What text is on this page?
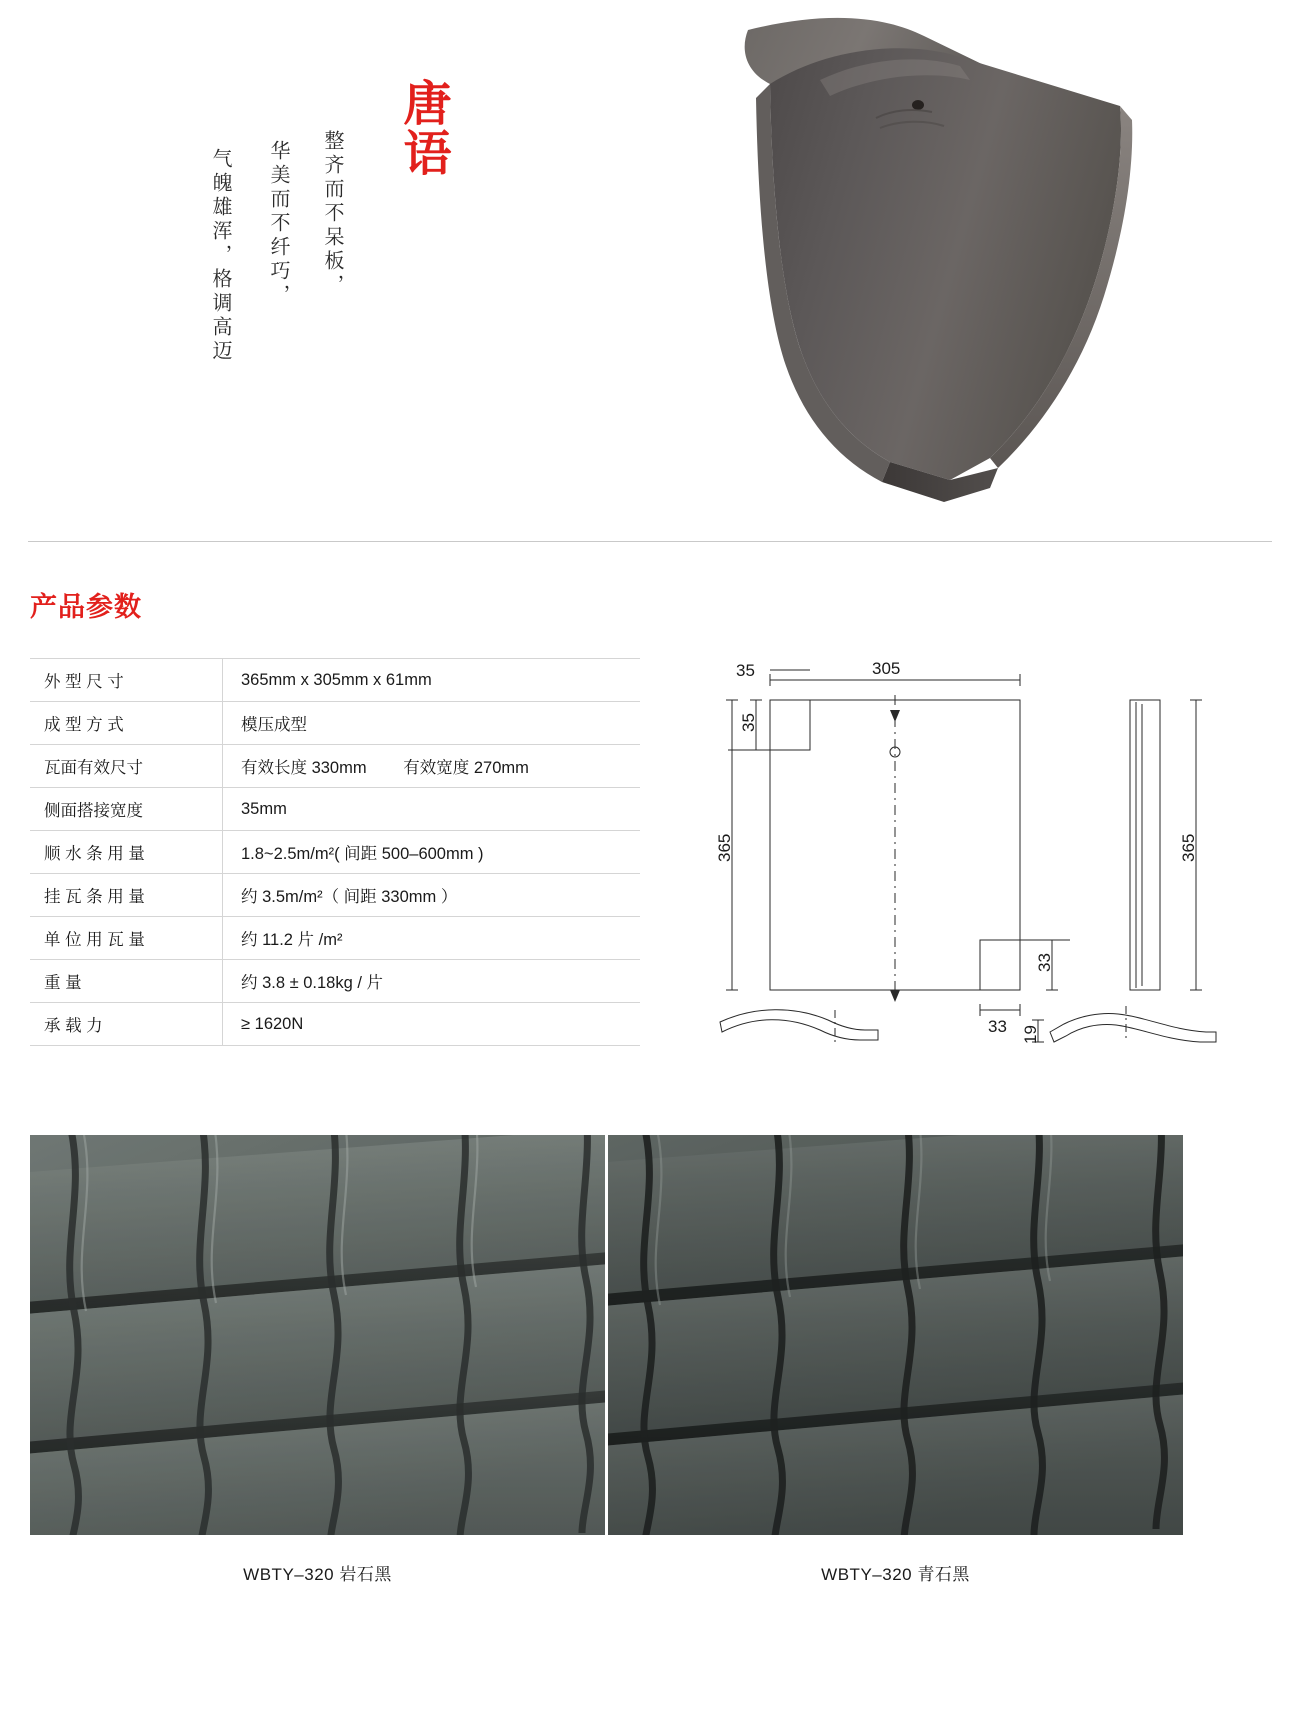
唐语
整齐而不呆板，
华美而不纤巧，
气魄雄浑，格调高迈
产品参数
外 型 尺 寸	365mm x 305mm x 61mm
成 型 方 式	模压成型
瓦面有效尺寸	有效长度 330mm        有效宽度 270mm
侧面搭接宽度	35mm
顺 水 条 用 量	1.8~2.5m/m²( 间距 500–600mm )
挂 瓦 条 用 量	约 3.5m/m²（ 间距 330mm ）
单 位 用 瓦 量	约 11.2 片 /m²
重 量	约 3.8 ± 0.18kg / 片
承 载 力	≥ 1620N
305
35
35
365	365
33
33 19
WBTY–320 岩石黑	WBTY–320 青石黑
